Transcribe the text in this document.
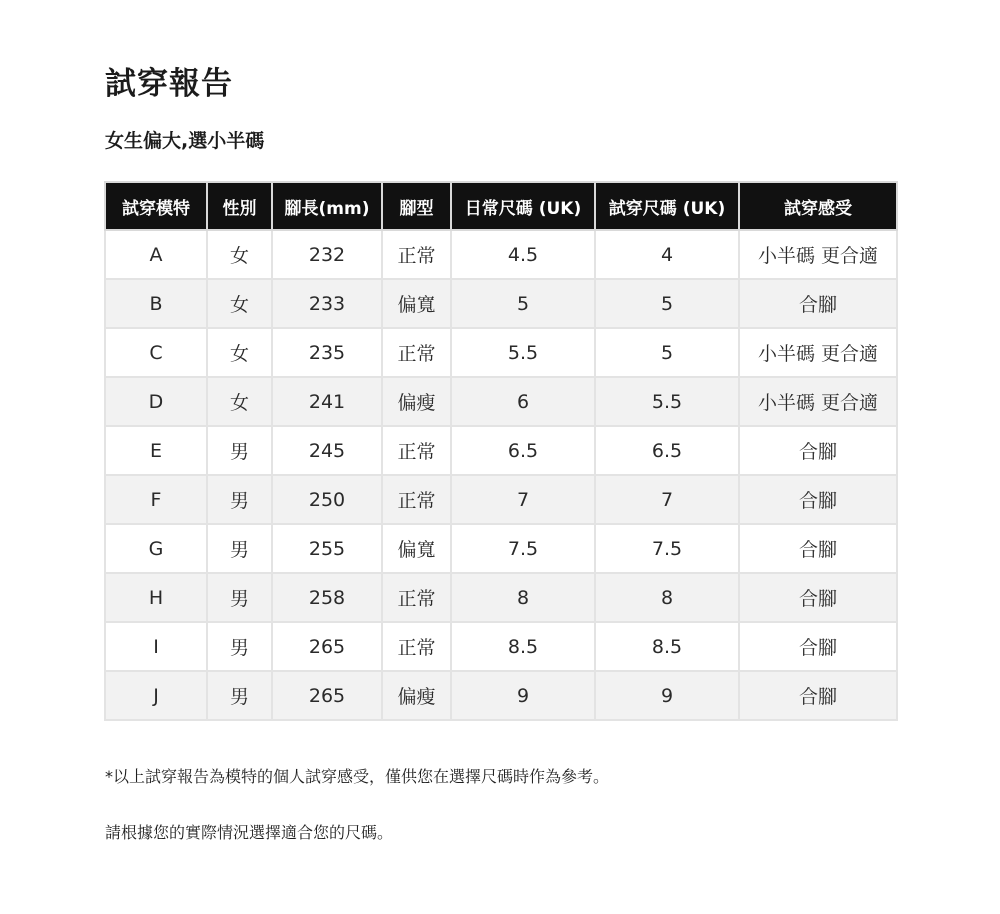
試穿報告
女生偏大,選小半碼
試穿模特	性別	腳長(mm)	腳型	日常尺碼 (UK)	試穿尺碼 (UK)	試穿感受
A	女	232	正常	4.5	4	小半碼 更合適
B	女	233	偏寬	5	5	合腳
C	女	235	正常	5.5	5	小半碼 更合適
D	女	241	偏瘦	6	5.5	小半碼 更合適
E	男	245	正常	6.5	6.5	合腳
F	男	250	正常	7	7	合腳
G	男	255	偏寬	7.5	7.5	合腳
H	男	258	正常	8	8	合腳
I	男	265	正常	8.5	8.5	合腳
J	男	265	偏瘦	9	9	合腳

*以上試穿報告為模特的個人試穿感受，僅供您在選擇尺碼時作為參考。

請根據您的實際情況選擇適合您的尺碼。
